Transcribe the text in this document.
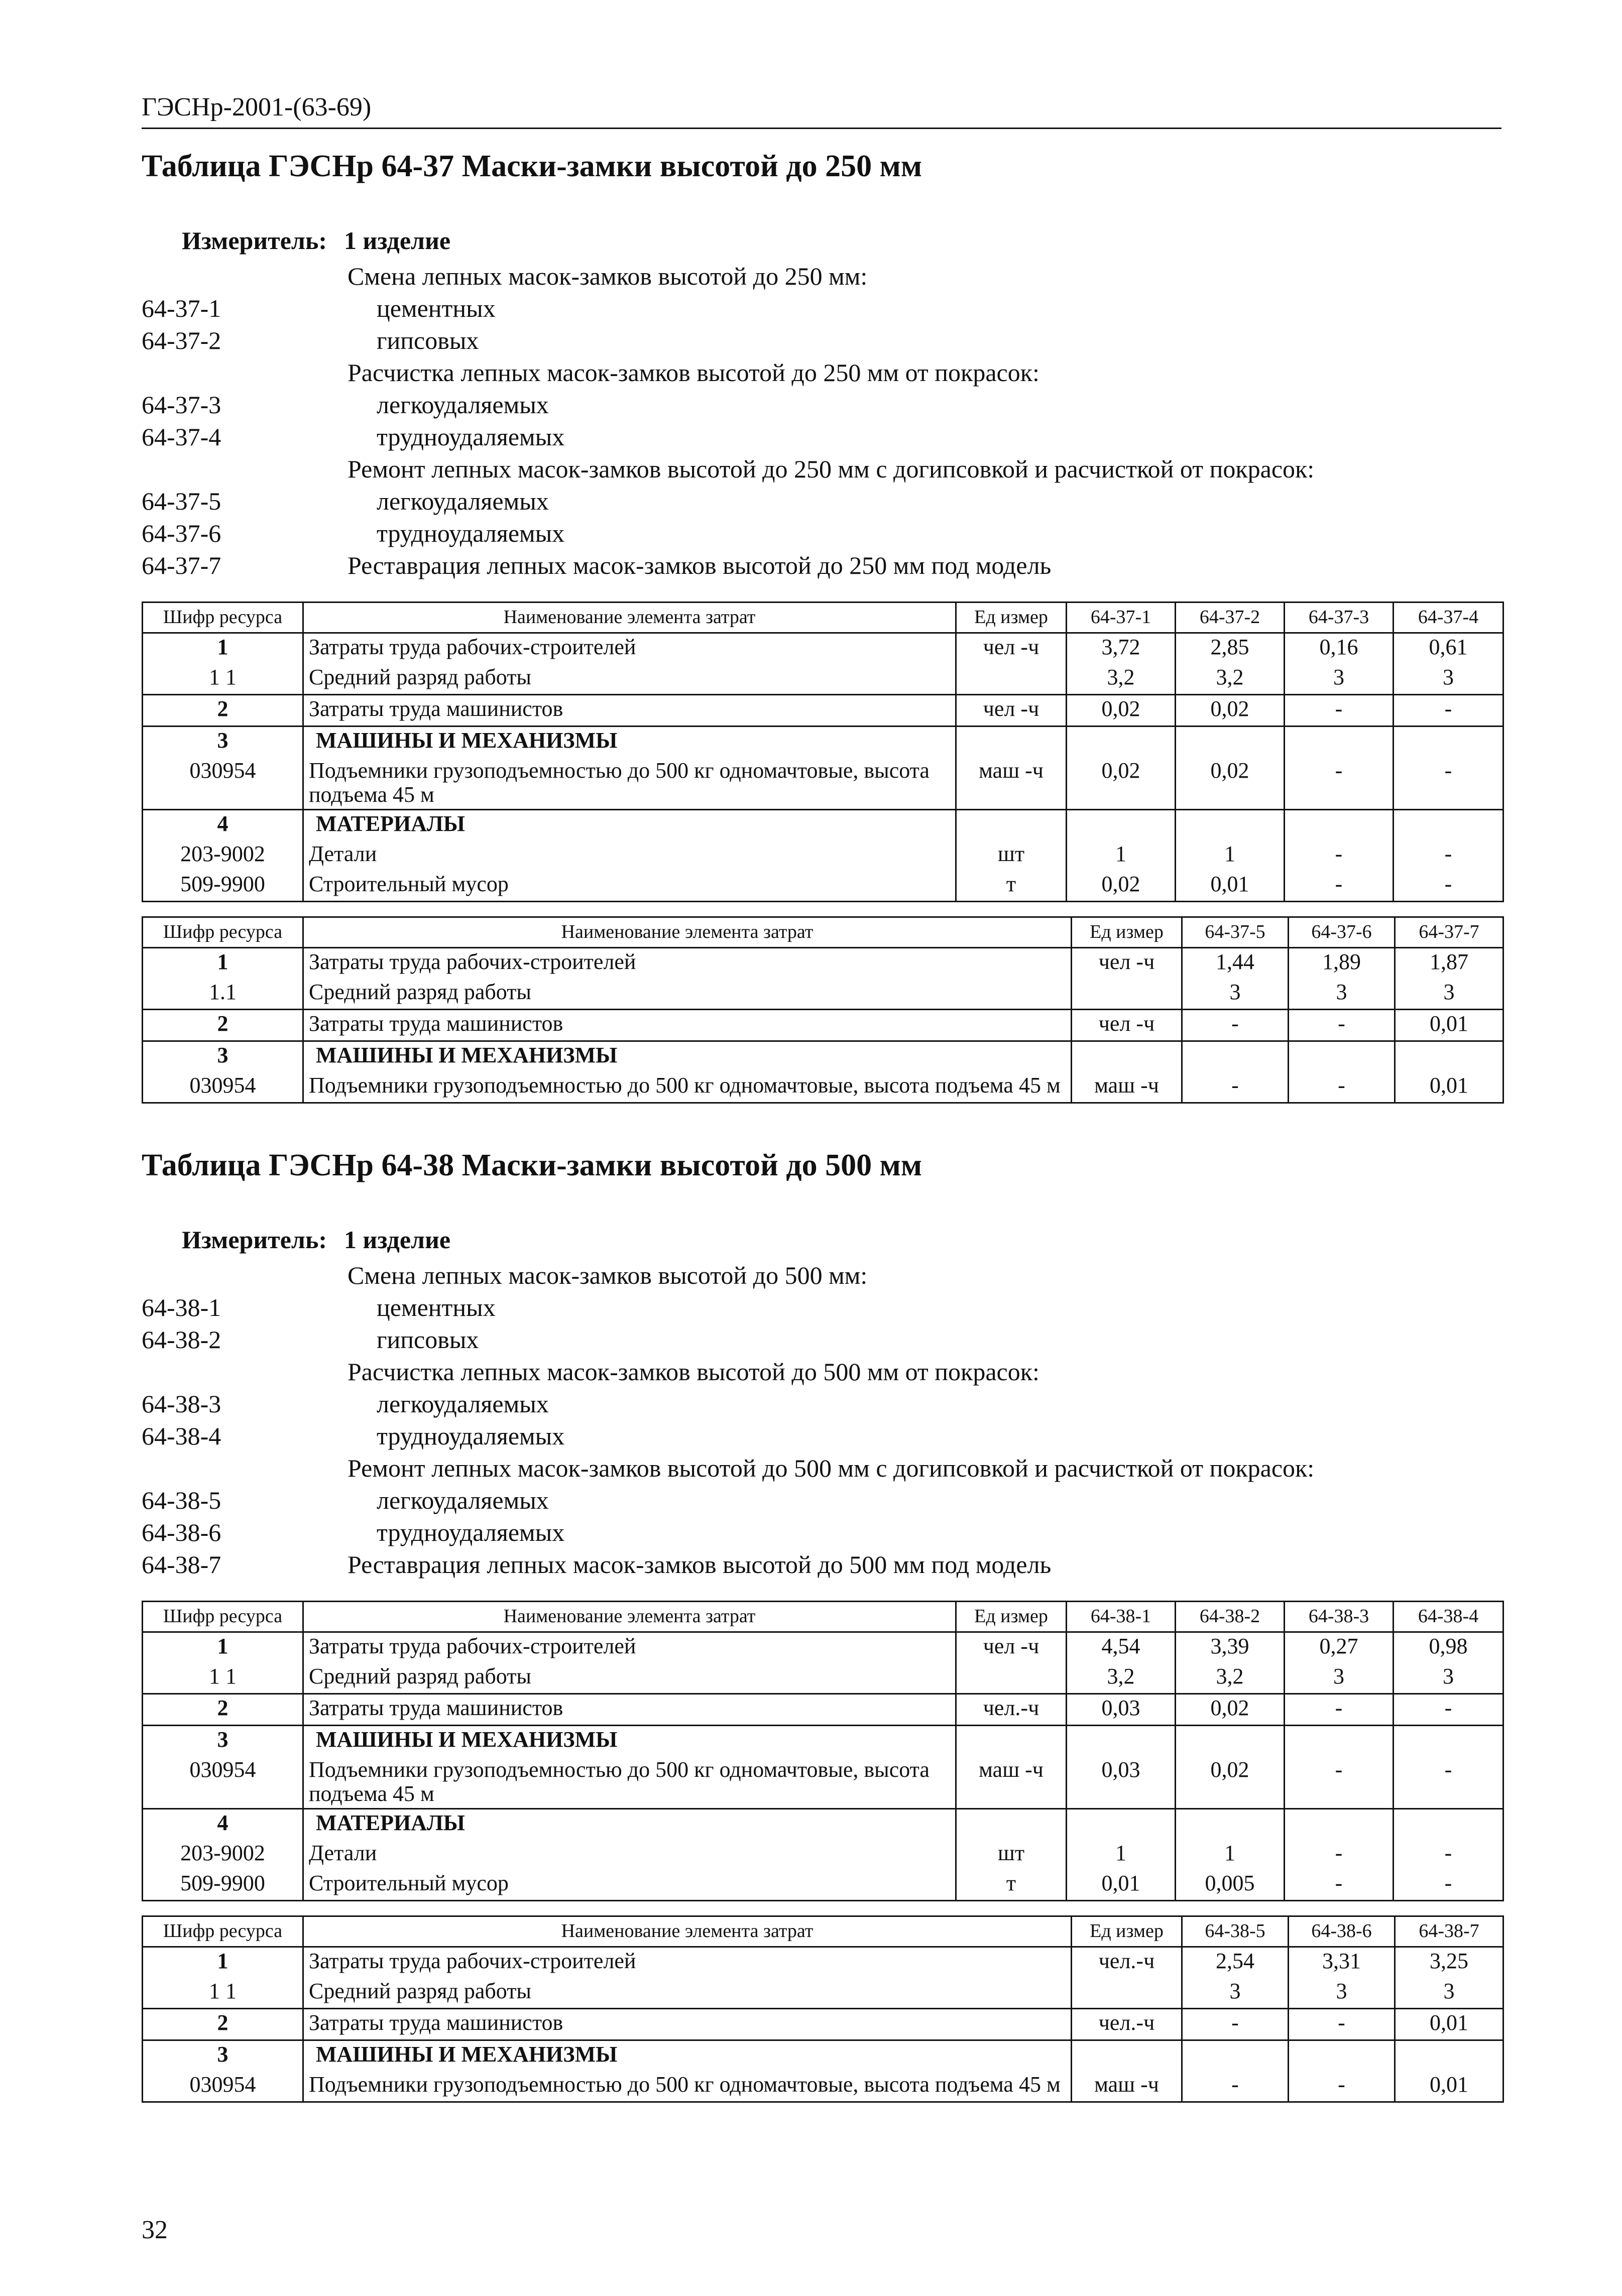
ГЭСНр-2001-(63-69)
Таблица ГЭСНр 64-37 Маски-замки высотой до 250 мм
Измеритель: 1 изделие
Смена лепных масок-замков высотой до 250 мм:
64-37-1	цементных
64-37-2	гипсовых
Расчистка лепных масок-замков высотой до 250 мм от покрасок:
64-37-3	легкоудаляемых
64-37-4	трудноудаляемых
Ремонт лепных масок-замков высотой до 250 мм с догипсовкой и расчисткой от покрасок:
64-37-5	легкоудаляемых
64-37-6	трудноудаляемых
64-37-7	Реставрация лепных масок-замков высотой до 250 мм под модель
Шифр ресурса	Наименование элемента затрат	Ед измер	64-37-1	64-37-2	64-37-3	64-37-4
1	Затраты труда рабочих-строителей	чел -ч	3,72	2,85	0,16	0,61
1 1	Средний разряд работы		3,2	3,2	3	3
2	Затраты труда машинистов	чел -ч	0,02	0,02	-	-
3	МАШИНЫ И МЕХАНИЗМЫ					
030954	Подъемники грузоподъемностью до 500 кг одномачтовые, высота подъема 45 м	маш -ч	0,02	0,02	-	-
4	МАТЕРИАЛЫ					
203-9002	Детали	шт	1	1	-	-
509-9900	Строительный мусор	т	0,02	0,01	-	-
Шифр ресурса	Наименование элемента затрат	Ед измер	64-37-5	64-37-6	64-37-7
1	Затраты труда рабочих-строителей	чел -ч	1,44	1,89	1,87
1.1	Средний разряд работы		3	3	3
2	Затраты труда машинистов	чел -ч	-	-	0,01
3	МАШИНЫ И МЕХАНИЗМЫ				
030954	Подъемники грузоподъемностью до 500 кг одномачтовые, высота подъема 45 м	маш -ч	-	-	0,01
Таблица ГЭСНр 64-38 Маски-замки высотой до 500 мм
Измеритель: 1 изделие
Смена лепных масок-замков высотой до 500 мм:
64-38-1	цементных
64-38-2	гипсовых
Расчистка лепных масок-замков высотой до 500 мм от покрасок:
64-38-3	легкоудаляемых
64-38-4	трудноудаляемых
Ремонт лепных масок-замков высотой до 500 мм с догипсовкой и расчисткой от покрасок:
64-38-5	легкоудаляемых
64-38-6	трудноудаляемых
64-38-7	Реставрация лепных масок-замков высотой до 500 мм под модель
Шифр ресурса	Наименование элемента затрат	Ед измер	64-38-1	64-38-2	64-38-3	64-38-4
1	Затраты труда рабочих-строителей	чел -ч	4,54	3,39	0,27	0,98
1 1	Средний разряд работы		3,2	3,2	3	3
2	Затраты труда машинистов	чел.-ч	0,03	0,02	-	-
3	МАШИНЫ И МЕХАНИЗМЫ					
030954	Подъемники грузоподъемностью до 500 кг одномачтовые, высота подъема 45 м	маш -ч	0,03	0,02	-	-
4	МАТЕРИАЛЫ					
203-9002	Детали	шт	1	1	-	-
509-9900	Строительный мусор	т	0,01	0,005	-	-
Шифр ресурса	Наименование элемента затрат	Ед измер	64-38-5	64-38-6	64-38-7
1	Затраты труда рабочих-строителей	чел.-ч	2,54	3,31	3,25
1 1	Средний разряд работы		3	3	3
2	Затраты труда машинистов	чел.-ч	-	-	0,01
3	МАШИНЫ И МЕХАНИЗМЫ				
030954	Подъемники грузоподъемностью до 500 кг одномачтовые, высота подъема 45 м	маш -ч	-	-	0,01
32
